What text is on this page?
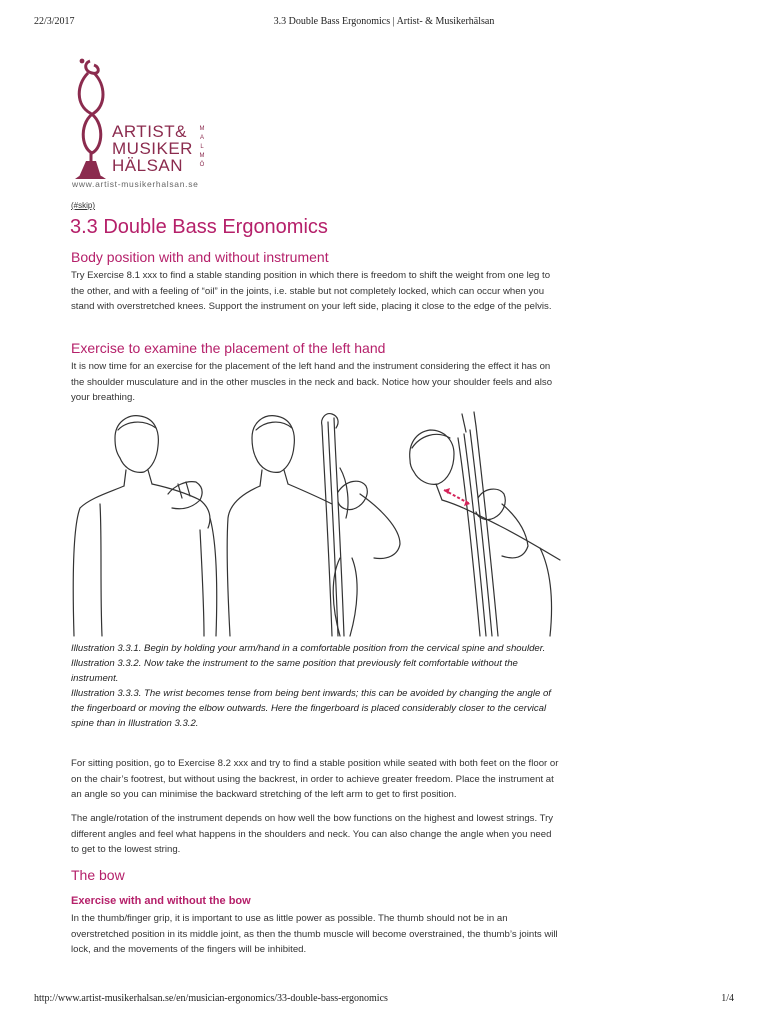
22/3/2017	3.3 Double Bass Ergonomics | Artist- & Musikerhälsan
ARTIST&
MUSIKER
HÄLSAN
M
A
L
M
Ö
www.artist-musikerhalsan.se
(#skip)
3.3 Double Bass Ergonomics
Body position with and without instrument

Try Exercise 8.1 xxx to find a stable standing position in which there is freedom to shift the weight from one leg to the other, and with a feeling of “oil” in the joints, i.e. stable but not completely locked, which can occur when you stand with overstretched knees. Support the instrument on your left side, placing it close to the edge of the pelvis.

Exercise to examine the placement of the left hand

It is now time for an exercise for the placement of the left hand and the instrument considering the effect it has on the shoulder musculature and in the other muscles in the neck and back. Notice how your shoulder feels and also your breathing.

Illustration 3.3.1. Begin by holding your arm/hand in a comfortable position from the cervical spine and shoulder.
Illustration 3.3.2. Now take the instrument to the same position that previously felt comfortable without the instrument.
Illustration 3.3.3. The wrist becomes tense from being bent inwards; this can be avoided by changing the angle of the fingerboard or moving the elbow outwards. Here the fingerboard is placed considerably closer to the cervical spine than in Illustration 3.3.2.

For sitting position, go to Exercise 8.2 xxx and try to find a stable position while seated with both feet on the floor or on the chair’s footrest, but without using the backrest, in order to achieve greater freedom. Place the instrument at an angle so you can minimise the backward stretching of the left arm to get to first position.

The angle/rotation of the instrument depends on how well the bow functions on the highest and lowest strings. Try different angles and feel what happens in the shoulders and neck. You can also change the angle when you need to get to the lowest string.

The bow
Exercise with and without the bow

In the thumb/finger grip, it is important to use as little power as possible. The thumb should not be in an overstretched position in its middle joint, as then the thumb muscle will become overstrained, the thumb’s joints will lock, and the movements of the fingers will be inhibited.

http://www.artist-musikerhalsan.se/en/musician-ergonomics/33-double-bass-ergonomics	1/4
